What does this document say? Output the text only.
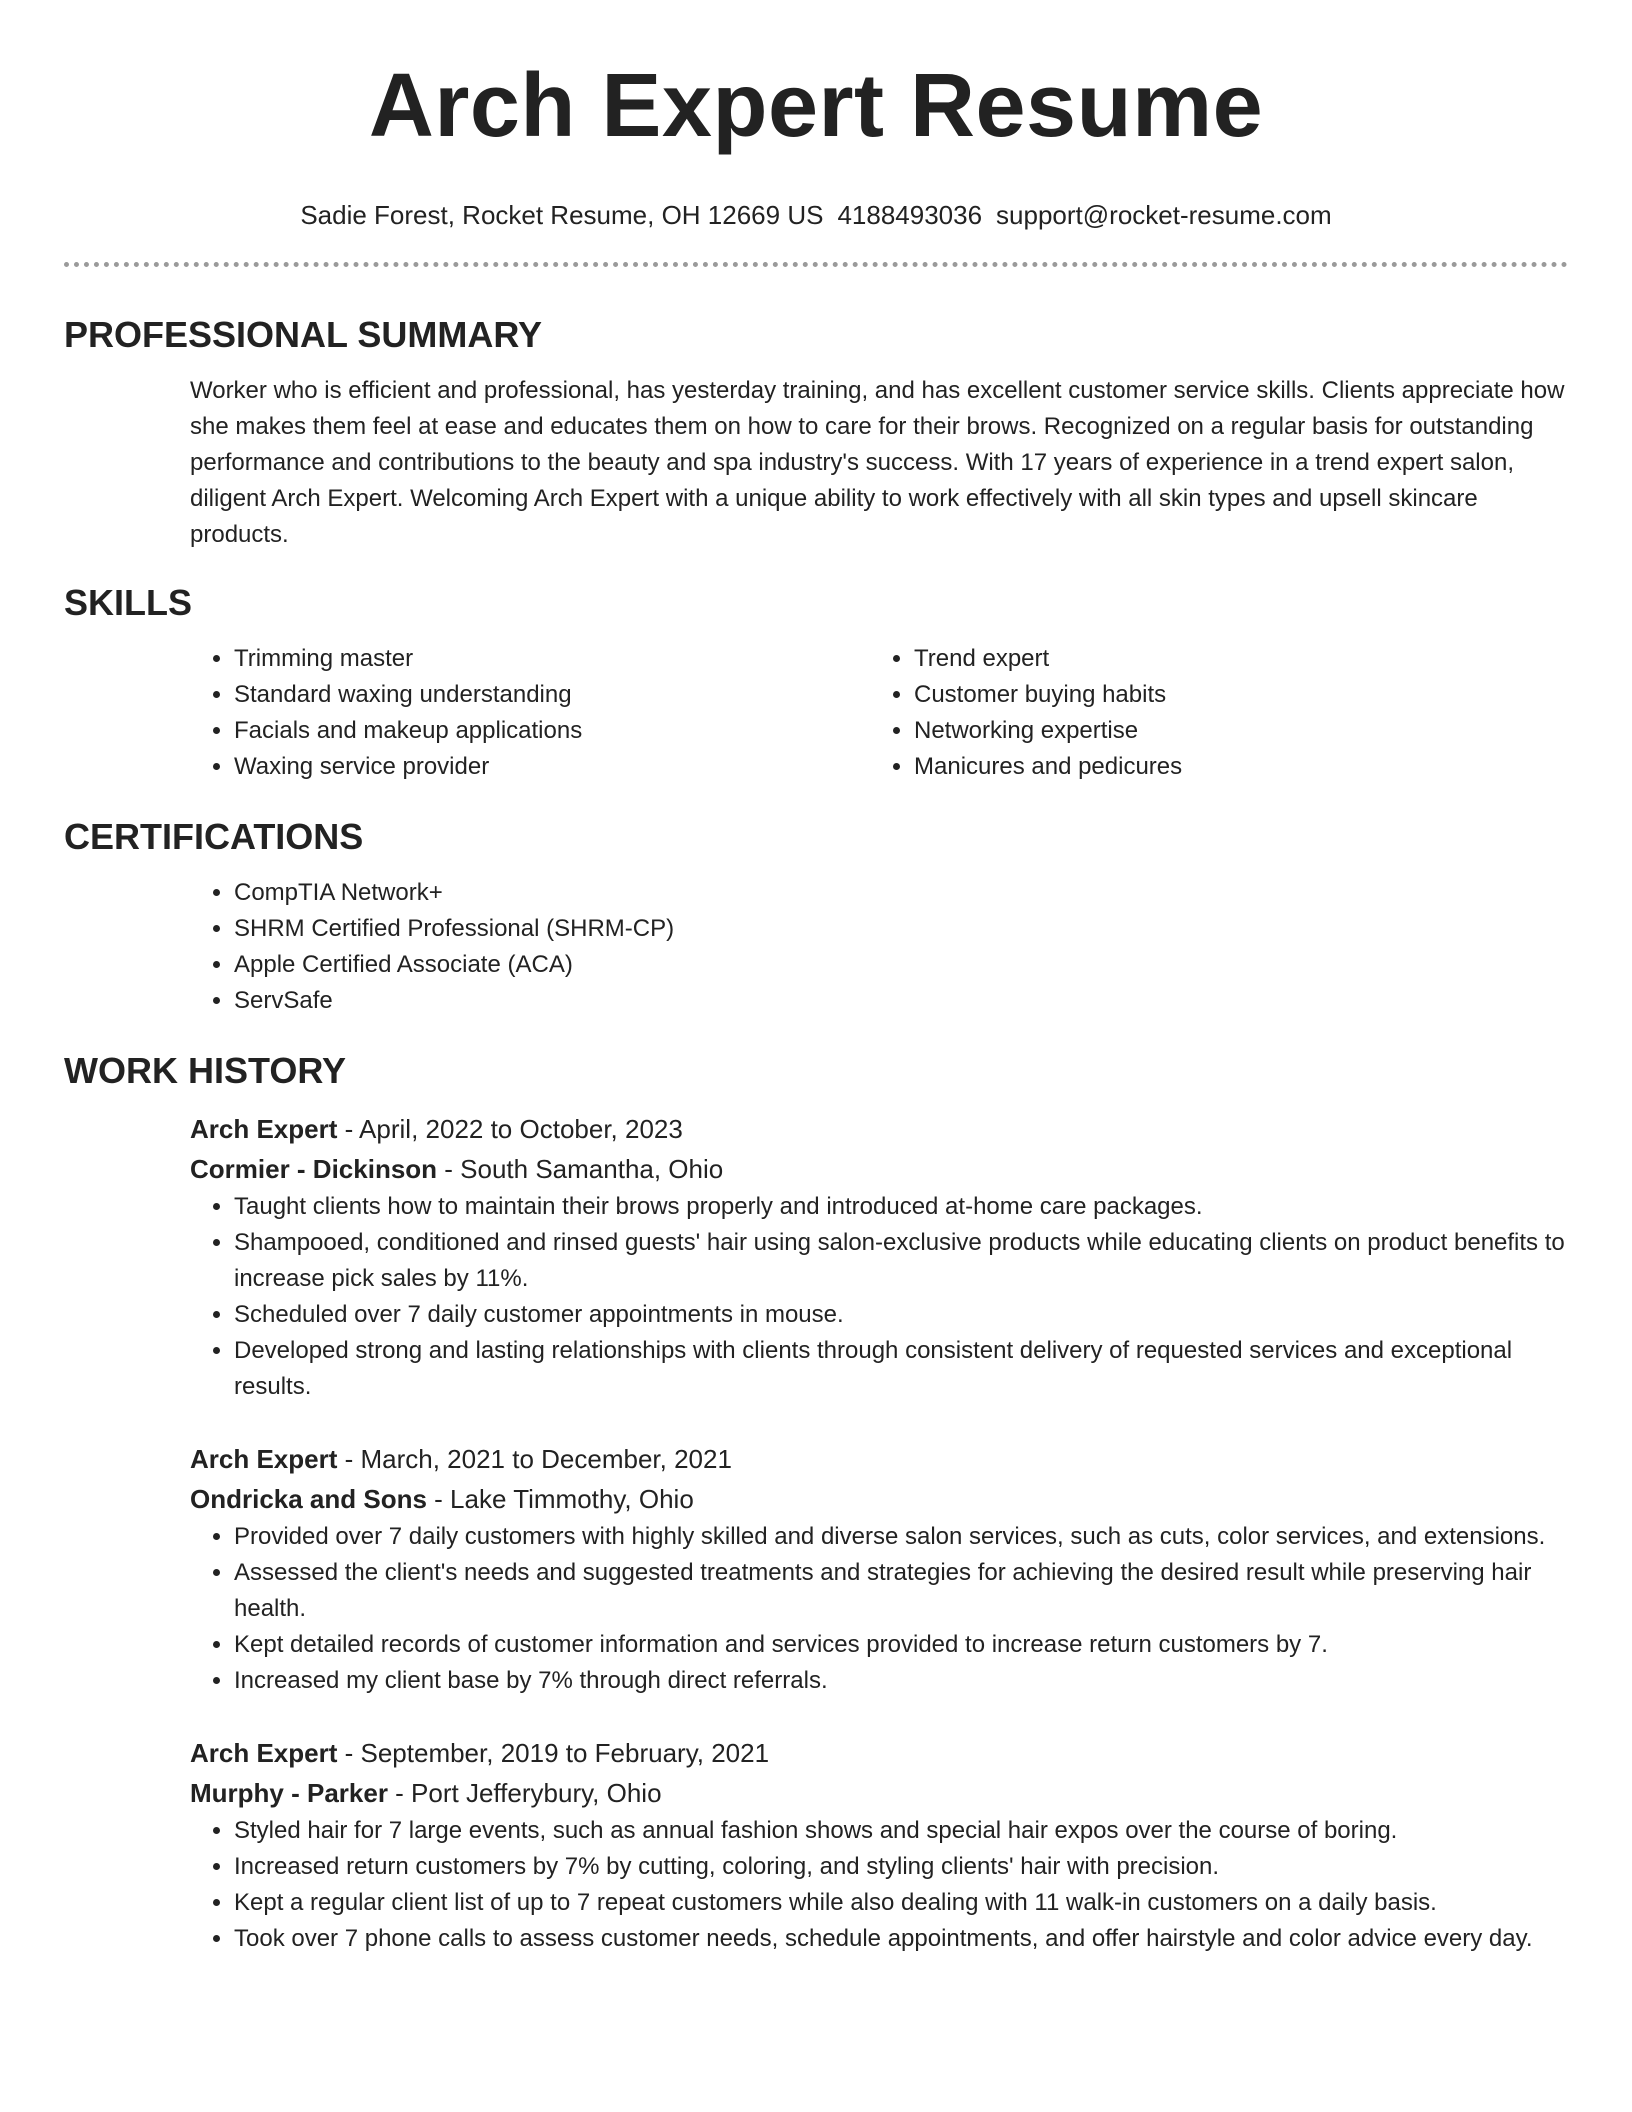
Arch Expert Resume
Sadie Forest, Rocket Resume, OH 12669 US 4188493036 support@rocket-resume.com
PROFESSIONAL SUMMARY
Worker who is efficient and professional, has yesterday training, and has excellent customer service skills. Clients appreciate how she makes them feel at ease and educates them on how to care for their brows. Recognized on a regular basis for outstanding performance and contributions to the beauty and spa industry's success. With 17 years of experience in a trend expert salon, diligent Arch Expert. Welcoming Arch Expert with a unique ability to work effectively with all skin types and upsell skincare products.
SKILLS
• Trimming master
• Standard waxing understanding
• Facials and makeup applications
• Waxing service provider
• Trend expert
• Customer buying habits
• Networking expertise
• Manicures and pedicures
CERTIFICATIONS
• CompTIA Network+
• SHRM Certified Professional (SHRM-CP)
• Apple Certified Associate (ACA)
• ServSafe
WORK HISTORY
Arch Expert - April, 2022 to October, 2023
Cormier - Dickinson - South Samantha, Ohio
• Taught clients how to maintain their brows properly and introduced at-home care packages.
• Shampooed, conditioned and rinsed guests' hair using salon-exclusive products while educating clients on product benefits to increase pick sales by 11%.
• Scheduled over 7 daily customer appointments in mouse.
• Developed strong and lasting relationships with clients through consistent delivery of requested services and exceptional results.
Arch Expert - March, 2021 to December, 2021
Ondricka and Sons - Lake Timmothy, Ohio
• Provided over 7 daily customers with highly skilled and diverse salon services, such as cuts, color services, and extensions.
• Assessed the client's needs and suggested treatments and strategies for achieving the desired result while preserving hair health.
• Kept detailed records of customer information and services provided to increase return customers by 7.
• Increased my client base by 7% through direct referrals.
Arch Expert - September, 2019 to February, 2021
Murphy - Parker - Port Jefferybury, Ohio
• Styled hair for 7 large events, such as annual fashion shows and special hair expos over the course of boring.
• Increased return customers by 7% by cutting, coloring, and styling clients' hair with precision.
• Kept a regular client list of up to 7 repeat customers while also dealing with 11 walk-in customers on a daily basis.
• Took over 7 phone calls to assess customer needs, schedule appointments, and offer hairstyle and color advice every day.
